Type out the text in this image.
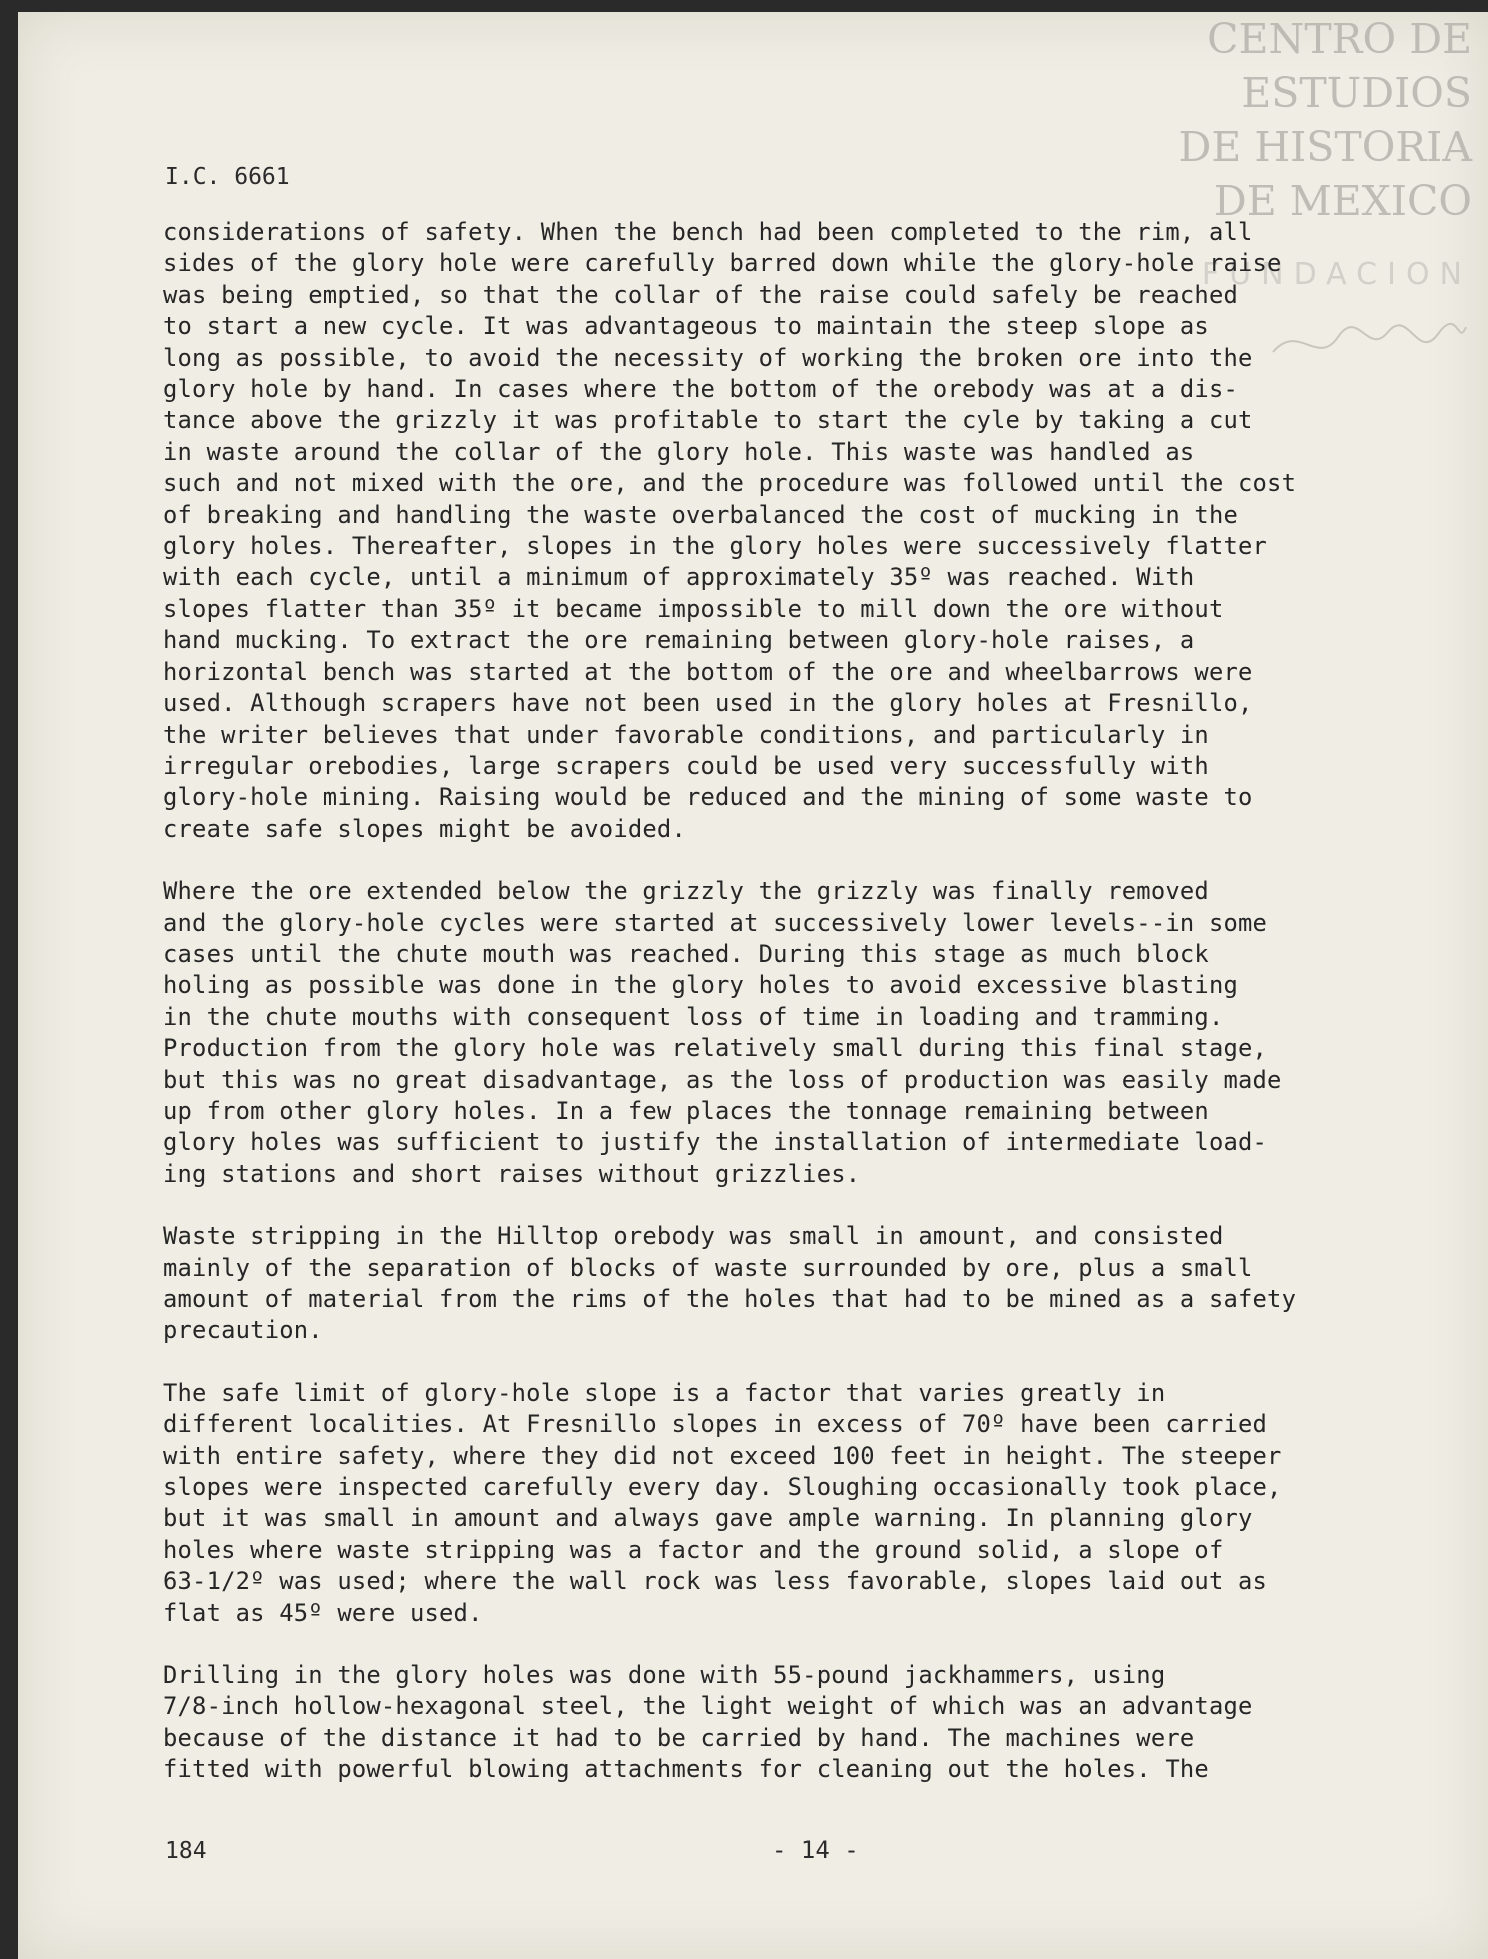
CENTRO DE
ESTUDIOS
DE HISTORIA
DE MEXICO
FUNDACION
I.C. 6661

considerations of safety. When the bench had been completed to the rim, all
sides of the glory hole were carefully barred down while the glory-hole raise
was being emptied, so that the collar of the raise could safely be reached
to start a new cycle. It was advantageous to maintain the steep slope as
long as possible, to avoid the necessity of working the broken ore into the
glory hole by hand. In cases where the bottom of the orebody was at a dis-
tance above the grizzly it was profitable to start the cyle by taking a cut
in waste around the collar of the glory hole. This waste was handled as
such and not mixed with the ore, and the procedure was followed until the cost
of breaking and handling the waste overbalanced the cost of mucking in the
glory holes. Thereafter, slopes in the glory holes were successively flatter
with each cycle, until a minimum of approximately 35º was reached. With
slopes flatter than 35º it became impossible to mill down the ore without
hand mucking. To extract the ore remaining between glory-hole raises, a
horizontal bench was started at the bottom of the ore and wheelbarrows were
used. Although scrapers have not been used in the glory holes at Fresnillo,
the writer believes that under favorable conditions, and particularly in
irregular orebodies, large scrapers could be used very successfully with
glory-hole mining. Raising would be reduced and the mining of some waste to
create safe slopes might be avoided.

Where the ore extended below the grizzly the grizzly was finally removed
and the glory-hole cycles were started at successively lower levels--in some
cases until the chute mouth was reached. During this stage as much block
holing as possible was done in the glory holes to avoid excessive blasting
in the chute mouths with consequent loss of time in loading and tramming.
Production from the glory hole was relatively small during this final stage,
but this was no great disadvantage, as the loss of production was easily made
up from other glory holes. In a few places the tonnage remaining between
glory holes was sufficient to justify the installation of intermediate load-
ing stations and short raises without grizzlies.

Waste stripping in the Hilltop orebody was small in amount, and consisted
mainly of the separation of blocks of waste surrounded by ore, plus a small
amount of material from the rims of the holes that had to be mined as a safety
precaution.

The safe limit of glory-hole slope is a factor that varies greatly in
different localities. At Fresnillo slopes in excess of 70º have been carried
with entire safety, where they did not exceed 100 feet in height. The steeper
slopes were inspected carefully every day. Sloughing occasionally took place,
but it was small in amount and always gave ample warning. In planning glory
holes where waste stripping was a factor and the ground solid, a slope of
63-1/2º was used; where the wall rock was less favorable, slopes laid out as
flat as 45º were used.

Drilling in the glory holes was done with 55-pound jackhammers, using
7/8-inch hollow-hexagonal steel, the light weight of which was an advantage
because of the distance it had to be carried by hand. The machines were
fitted with powerful blowing attachments for cleaning out the holes. The

184	- 14 -
